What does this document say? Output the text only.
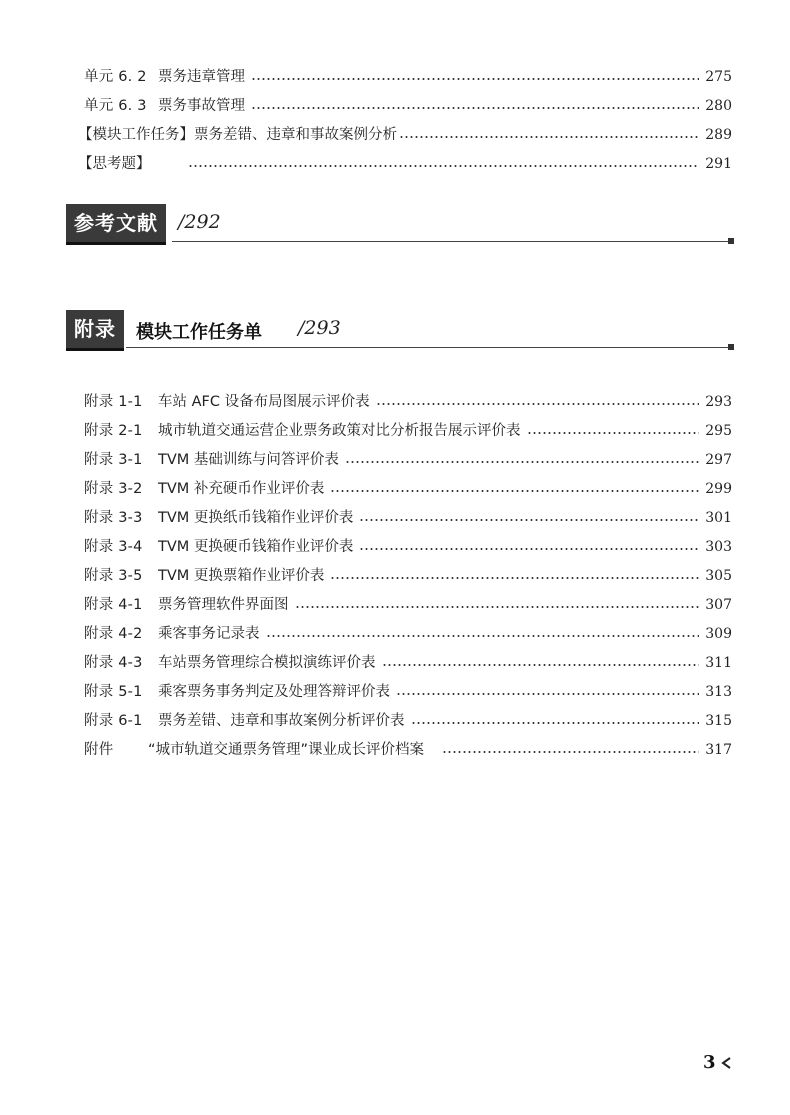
单元 6. 2 票务违章管理	275
单元 6. 3 票务事故管理	280
【模块工作任务】票务差错、违章和事故案例分析	289
【思考题】	291
参考文献	/292
附录	模块工作任务单 /293
附录 1-1	车站 AFC 设备布局图展示评价表	293
附录 2-1	城市轨道交通运营企业票务政策对比分析报告展示评价表	295
附录 3-1	TVM 基础训练与问答评价表	297
附录 3-2	TVM 补充硬币作业评价表	299
附录 3-3	TVM 更换纸币钱箱作业评价表	301
附录 3-4	TVM 更换硬币钱箱作业评价表	303
附录 3-5	TVM 更换票箱作业评价表	305
附录 4-1	票务管理软件界面图	307
附录 4-2	乘客事务记录表	309
附录 4-3	车站票务管理综合模拟演练评价表	311
附录 5-1	乘客票务事务判定及处理答辩评价表	313
附录 6-1	票务差错、违章和事故案例分析评价表	315
附件	“城市轨道交通票务管理”课业成长评价档案	317
3
